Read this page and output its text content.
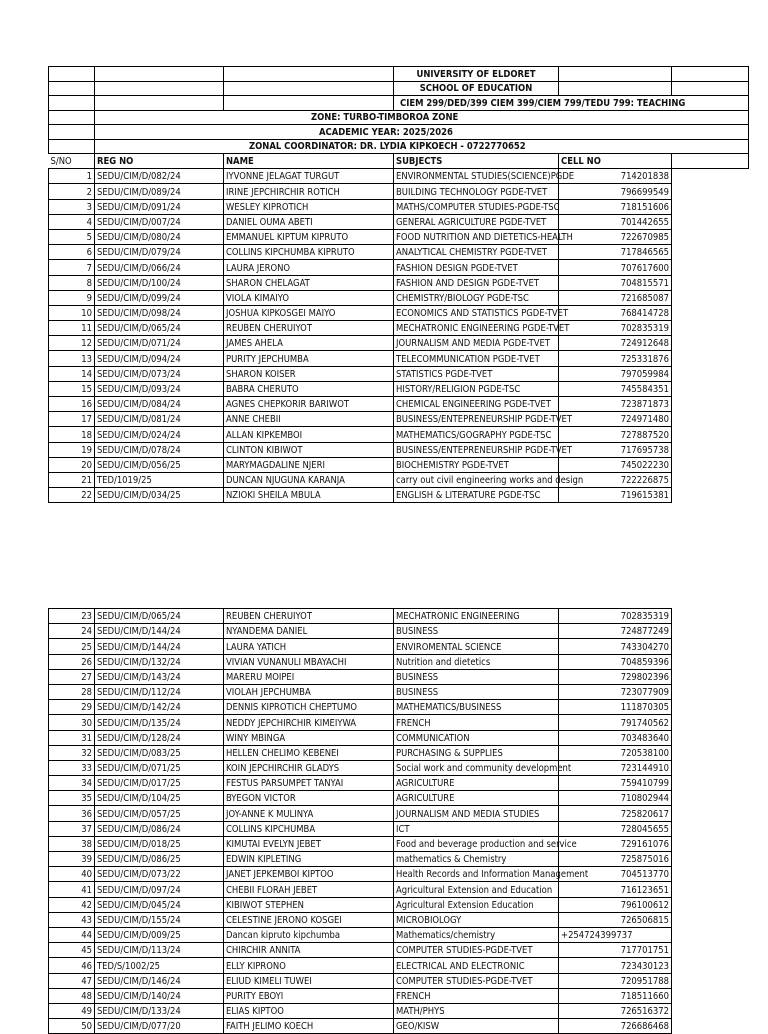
			UNIVERSITY OF ELDORET		
			SCHOOL OF EDUCATION		
			CIEM 299/DED/399 CIEM 399/CIEM 799/TEDU 799: TEACHING		
	ZONE: TURBO-TIMBOROA ZONE				
	ACADEMIC YEAR: 2025/2026				
	ZONAL COORDINATOR: DR. LYDIA KIPKOECH - 0722770652				
S/NO	REG NO	NAME	SUBJECTS	CELL NO	
1	SEDU/CIM/D/082/24	IYVONNE JELAGAT TURGUT	ENVIRONMENTAL STUDIES(SCIENCE)PGDE	714201838	
2	SEDU/CIM/D/089/24	IRINE JEPCHIRCHIR ROTICH	BUILDING TECHNOLOGY PGDE-TVET	796699549	
3	SEDU/CIM/D/091/24	WESLEY KIPROTICH	MATHS/COMPUTER STUDIES-PGDE-TSC	718151606	
4	SEDU/CIM/D/007/24	DANIEL OUMA ABETI	GENERAL AGRICULTURE PGDE-TVET	701442655	
5	SEDU/CIM/D/080/24	EMMANUEL KIPTUM KIPRUTO	FOOD NUTRITION AND DIETETICS-HEALTH	722670985	
6	SEDU/CIM/D/079/24	COLLINS KIPCHUMBA KIPRUTO	ANALYTICAL CHEMISTRY PGDE-TVET	717846565	
7	SEDU/CIM/D/066/24	LAURA JERONO	FASHION DESIGN PGDE-TVET	707617600	
8	SEDU/CIM/D/100/24	SHARON CHELAGAT	FASHION AND DESIGN PGDE-TVET	704815571	
9	SEDU/CIM/D/099/24	VIOLA KIMAIYO	CHEMISTRY/BIOLOGY PGDE-TSC	721685087	
10	SEDU/CIM/D/098/24	JOSHUA KIPKOSGEI MAIYO	ECONOMICS AND STATISTICS PGDE-TVET	768414728	
11	SEDU/CIM/D/065/24	REUBEN CHERUIYOT	MECHATRONIC ENGINEERING PGDE-TVET	702835319	
12	SEDU/CIM/D/071/24	JAMES AHELA	JOURNALISM AND MEDIA PGDE-TVET	724912648	
13	SEDU/CIM/D/094/24	PURITY JEPCHUMBA	TELECOMMUNICATION PGDE-TVET	725331876	
14	SEDU/CIM/D/073/24	SHARON KOISER	STATISTICS PGDE-TVET	797059984	
15	SEDU/CIM/D/093/24	BABRA CHERUTO	HISTORY/RELIGION PGDE-TSC	745584351	
16	SEDU/CIM/D/084/24	AGNES CHEPKORIR BARIWOT	CHEMICAL ENGINEERING PGDE-TVET	723871873	
17	SEDU/CIM/D/081/24	ANNE CHEBII	BUSINESS/ENTEPRENEURSHIP PGDE-TVET	724971480	
18	SEDU/CIM/D/024/24	ALLAN KIPKEMBOI	MATHEMATICS/GOGRAPHY PGDE-TSC	727887520	
19	SEDU/CIM/D/078/24	CLINTON KIBIWOT	BUSINESS/ENTEPRENEURSHIP PGDE-TVET	717695738	
20	SEDU/CIM/D/056/25	MARYMAGDALINE NJERI	BIOCHEMISTRY PGDE-TVET	745022230	
21	TED/1019/25	DUNCAN NJUGUNA KARANJA	carry out civil engineering works and design	722226875	
22	SEDU/CIM/D/034/25	NZIOKI SHEILA MBULA	ENGLISH & LITERATURE PGDE-TSC	719615381	
23	SEDU/CIM/D/065/24	REUBEN CHERUIYOT	MECHATRONIC ENGINEERING	702835319	
24	SEDU/CIM/D/144/24	NYANDEMA DANIEL	BUSINESS	724877249	
25	SEDU/CIM/D/144/24	LAURA YATICH	ENVIROMENTAL SCIENCE	743304270	
26	SEDU/CIM/D/132/24	VIVIAN VUNANULI MBAYACHI	Nutrition and dietetics	704859396	
27	SEDU/CIM/D/143/24	MARERU MOIPEI	BUSINESS	729802396	
28	SEDU/CIM/D/112/24	VIOLAH JEPCHUMBA	BUSINESS	723077909	
29	SEDU/CIM/D/142/24	DENNIS KIPROTICH CHEPTUMO	MATHEMATICS/BUSINESS	111870305	
30	SEDU/CIM/D/135/24	NEDDY JEPCHIRCHIR KIMEIYWA	FRENCH	791740562	
31	SEDU/CIM/D/128/24	WINY MBINGA	COMMUNICATION	703483640	
32	SEDU/CIM/D/083/25	HELLEN CHELIMO KEBENEI	PURCHASING & SUPPLIES	720538100	
33	SEDU/CIM/D/071/25	KOIN JEPCHIRCHIR GLADYS	Social work and community development	723144910	
34	SEDU/CIM/D/017/25	FESTUS PARSUMPET TANYAI	AGRICULTURE	759410799	
35	SEDU/CIM/D/104/25	BYEGON VICTOR	AGRICULTURE	710802944	
36	SEDU/CIM/D/057/25	JOY-ANNE K MULINYA	JOURNALISM AND MEDIA STUDIES	725820617	
37	SEDU/CIM/D/086/24	COLLINS KIPCHUMBA	ICT	728045655	
38	SEDU/CIM/D/018/25	KIMUTAI EVELYN JEBET	Food and beverage production and service	729161076	
39	SEDU/CIM/D/086/25	EDWIN KIPLETING	mathematics & Chemistry	725875016	
40	SEDU/CIM/D/073/22	JANET JEPKEMBOI KIPTOO	Health Records and Information Management	704513770	
41	SEDU/CIM/D/097/24	CHEBII FLORAH JEBET	Agricultural Extension and Education	716123651	
42	SEDU/CIM/D/045/24	KIBIWOT STEPHEN	Agricultural Extension Education	796100612	
43	SEDU/CIM/D/155/24	CELESTINE JERONO KOSGEI	MICROBIOLOGY	726506815	
44	SEDU/CIM/D/009/25	Dancan kipruto kipchumba	Mathematics/chemistry	+254724399737	
45	SEDU/CIM/D/113/24	CHIRCHIR ANNITA	COMPUTER STUDIES-PGDE-TVET	717701751	
46	TED/S/1002/25	ELLY KIPRONO	ELECTRICAL AND ELECTRONIC	723430123	
47	SEDU/CIM/D/146/24	ELIUD KIMELI TUWEI	COMPUTER STUDIES-PGDE-TVET	720951788	
48	SEDU/CIM/D/140/24	PURITY EBOYI	FRENCH	718511660	
49	SEDU/CIM/D/133/24	ELIAS KIPTOO	MATH/PHYS	726516372	
50	SEDU/CIM/D/077/20	FAITH JELIMO KOECH	GEO/KISW	726686468	
